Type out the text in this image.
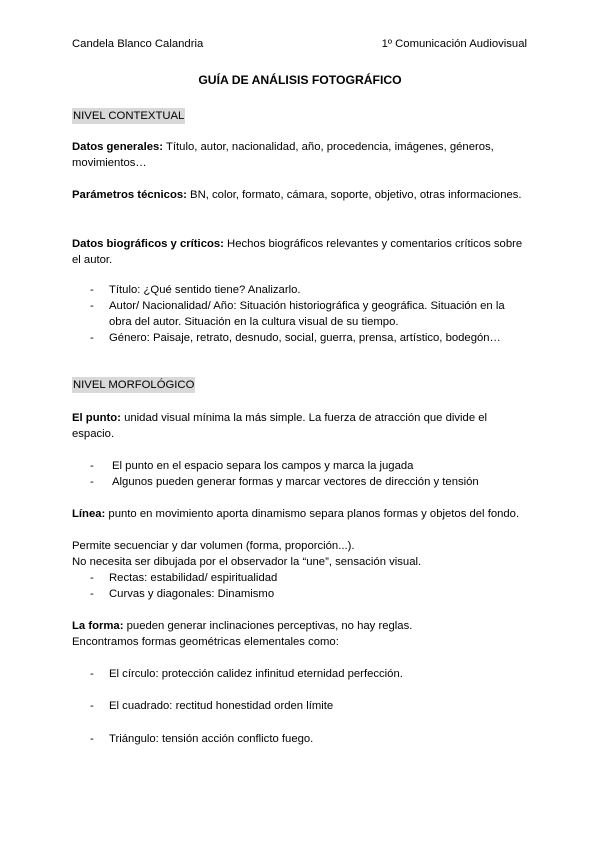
Candela Blanco Calandria	1º Comunicación Audiovisual
GUÍA DE ANÁLISIS FOTOGRÁFICO
NIVEL CONTEXTUAL
Datos generales: Título, autor, nacionalidad, año, procedencia, imágenes, géneros, movimientos…
Parámetros técnicos: BN, color, formato, cámara, soporte, objetivo, otras informaciones.
Datos biográficos y críticos: Hechos biográficos relevantes y comentarios críticos sobre el autor.
- Título: ¿Qué sentido tiene? Analizarlo.
- Autor/ Nacionalidad/ Año: Situación historiográfica y geográfica. Situación en la obra del autor. Situación en la cultura visual de su tiempo.
- Género: Paisaje, retrato, desnudo, social, guerra, prensa, artístico, bodegón…
NIVEL MORFOLÓGICO
El punto: unidad visual mínima la más simple. La fuerza de atracción que divide el espacio.
- El punto en el espacio separa los campos y marca la jugada
- Algunos pueden generar formas y marcar vectores de dirección y tensión
Línea: punto en movimiento aporta dinamismo separa planos formas y objetos del fondo.
Permite secuenciar y dar volumen (forma, proporción...).
No necesita ser dibujada por el observador la “une”, sensación visual.
- Rectas: estabilidad/ espiritualidad
- Curvas y diagonales: Dinamismo
La forma: pueden generar inclinaciones perceptivas, no hay reglas.
Encontramos formas geométricas elementales como:
- El círculo: protección calidez infinitud eternidad perfección.
- El cuadrado: rectitud honestidad orden límite
- Triángulo: tensión acción conflicto fuego.
